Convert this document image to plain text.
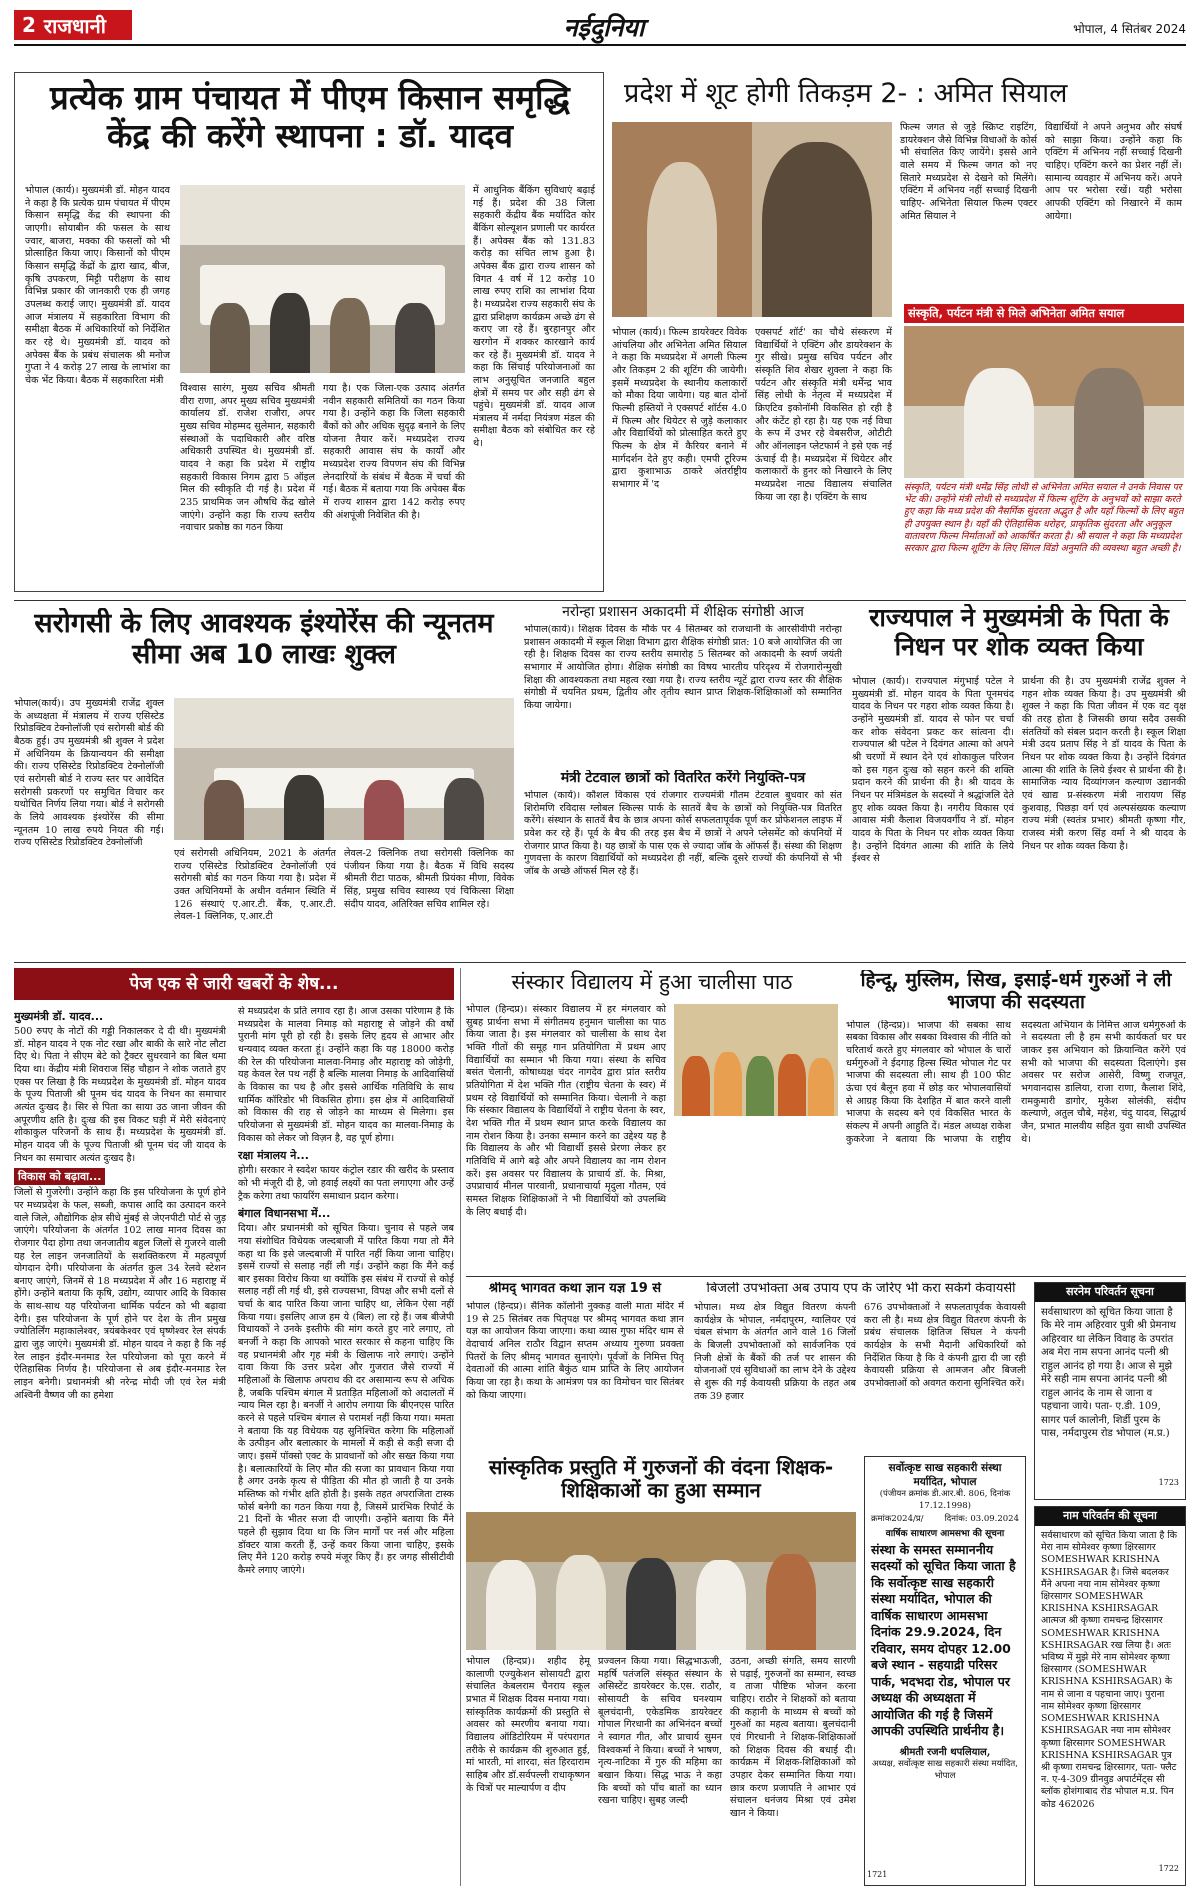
2 राजधानी	नईदुनिया	भोपाल, 4 सितंबर 2024
प्रत्येक ग्राम पंचायत में पीएम किसान समृद्धि केंद्र की करेंगे स्थापना : डॉ. यादव
भोपाल (कार्य)। मुख्यमंत्री डॉ. मोहन यादव ने कहा है कि प्रत्येक ग्राम पंचायत में पीएम किसान समृद्धि केंद्र की स्थापना की जाएगी। सोयाबीन की फसल के साथ ज्वार, बाजरा, मक्का की फसलों को भी प्रोत्साहित किया जाए। किसानों को पीएम किसान समृद्धि केंद्रों के द्वारा खाद, बीज, कृषि उपकरण, मिट्टी परीक्षण के साथ विभिन्न प्रकार की जानकारी एक ही जगह उपलब्ध कराई जाए। मुख्यमंत्री डॉ. यादव आज मंत्रालय में सहकारिता विभाग की समीक्षा बैठक में अधिकारियों को निर्देशित कर रहे थे। मुख्यमंत्री डॉ. यादव को अपेक्स बैंक के प्रबंध संचालक श्री मनोज गुप्ता ने 4 करोड़ 27 लाख के लाभांश का चेक भेंट किया। बैठक में सहकारिता मंत्री
विश्वास सारंग, मुख्य सचिव श्रीमती वीरा राणा, अपर मुख्य सचिव मुख्यमंत्री कार्यालय डॉ. राजेश राजौरा, अपर मुख्य सचिव मोहम्मद सुलेमान, सहकारी संस्थाओं के पदाधिकारी और वरिष्ठ अधिकारी उपस्थित थे। मुख्यमंत्री डॉ. यादव ने कहा कि प्रदेश में राष्ट्रीय सहकारी विकास निगम द्वारा 5 ऑइल मिल की स्वीकृति दी गई है। प्रदेश में 235 प्राथमिक जन औषधि केंद्र खोले जाएंगे। उन्होंने कहा कि राज्य स्तरीय नवाचार प्रकोष्ठ का गठन किया
गया है। एक जिला-एक उत्पाद अंतर्गत नवीन सहकारी समितियों का गठन किया गया है। उन्होंने कहा कि जिला सहकारी बैंकों को और अधिक सुदृढ़ बनाने के लिए योजना तैयार करें। मध्यप्रदेश राज्य सहकारी आवास संघ के कार्यों और मध्यप्रदेश राज्य विपणन संघ की विभिन्न लेनदारियों के संबंध में बैठक में चर्चा की गई। बैठक में बताया गया कि अपेक्स बैंक में राज्य शासन द्वारा 142 करोड़ रुपए की अंशपूंजी निवेशित की है।
में आधुनिक बैंकिंग सुविधाएं बढ़ाई गई हैं। प्रदेश की 38 जिला सहकारी केंद्रीय बैंक मर्यादित कोर बैंकिंग सोल्यूशन प्रणाली पर कार्यरत हैं। अपेक्स बैंक को 131.83 करोड़ का संचित लाभ हुआ है। अपेक्स बैंक द्वारा राज्य शासन को विगत 4 वर्ष में 12 करोड़ 10 लाख रुपए राशि का लाभांश दिया है। मध्यप्रदेश राज्य सहकारी संघ के द्वारा प्रशिक्षण कार्यक्रम अच्छे ढंग से कराए जा रहे हैं। बुरहानपुर और खरगोन में शक्कर कारखाने कार्य कर रहे हैं। मुख्यमंत्री डॉ. यादव ने कहा कि सिंचाई परियोजनाओं का लाभ अनुसूचित जनजाति बहुल क्षेत्रों में समय पर और सही ढंग से पहुंचे। मुख्यमंत्री डॉ. यादव आज मंत्रालय में नर्मदा नियंत्रण मंडल की समीक्षा बैठक को संबोधित कर रहे थे।
प्रदेश में शूट होगी तिकड़म 2- : अमित सियाल
भोपाल (कार्य)। फिल्म डायरेक्टर विवेक आंचलिया और अभिनेता अमित सियाल ने कहा कि मध्यप्रदेश में अगली फिल्म और तिकड़म 2 की शूटिंग की जायेगी। इसमें मध्यप्रदेश के स्थानीय कलाकारों को मौका दिया जायेगा। यह बात दोनों फिल्मी हस्तियों ने एक्सपर्ट शॉर्टस 4.0 में फिल्म और थियेटर से जुड़े कलाकार और विद्यार्थियों को प्रोत्साहित करते हुए फिल्म के क्षेत्र में कैरियर बनाने में मार्गदर्शन देते हुए कही। एमपी टूरिज्म द्वारा कुशाभाऊ ठाकरे अंतर्राष्ट्रीय सभागार में 'द
एक्सपर्ट शॉर्ट' का चौथे संस्करण में विद्यार्थियों ने एक्टिंग और डायरेक्शन के गुर सीखे। प्रमुख सचिव पर्यटन और संस्कृति शिव शेखर शुक्ला ने कहा कि पर्यटन और संस्कृति मंत्री धर्मेन्द्र भाव सिंह लोधी के नेतृत्व में मध्यप्रदेश में क्रिएटिव इकोनॉमी विकसित हो रही है और कंटेंट हो रहा है। यह एक नई विधा के रूप में उभर रहे वेबसरीज, ओटीटी और ऑनलाइन प्लेटफार्म ने इसे एक नई ऊंचाई दी है। मध्यप्रदेश में थियेटर और कलाकारों के हुनर को निखारने के लिए मध्यप्रदेश नाट्य विद्यालय संचालित किया जा रहा है। एक्टिंग के साथ
फिल्म जगत से जुड़े स्क्रिप्ट राइटिंग, डायरेक्शन जैसे विभिन्न विधाओं के कोर्स भी संचालित किए जायेंगे। इससे आने वाले समय में फिल्म जगत को नए सितारे मध्यप्रदेश से देखने को मिलेंगे। एक्टिंग में अभिनय नहीं सच्चाई दिखनी चाहिए- अभिनेता सियाल फिल्म एक्टर अमित सियाल ने
विद्यार्थियों ने अपने अनुभव और संघर्ष को साझा किया। उन्होंने कहा कि एक्टिंग में अभिनय नहीं सच्चाई दिखनी चाहिए। एक्टिंग करने का प्रेशर नहीं लें। सामान्य व्यवहार में अभिनय करें। अपने आप पर भरोसा रखें। यही भरोसा आपकी एक्टिंग को निखारने में काम आयेगा।
संस्कृति, पर्यटन मंत्री से मिले अभिनेता अमित सयाल
संस्कृति, पर्यटन मंत्री धर्मेंद्र सिंह लोधी से अभिनेता अमित सयाल ने उनके निवास पर भेंट की। उन्होंने मंत्री लोधी से मध्यप्रदेश में फिल्म शूटिंग के अनुभवों को साझा करते हुए कहा कि मध्य प्रदेश की नैसर्गिक सुंदरता अद्भुत है और यहाँ फिल्मों के लिए बहुत ही उपयुक्त स्थान है। यहाँ की ऐतिहासिक धरोहर, प्राकृतिक सुंदरता और अनुकूल वातावरण फिल्म निर्माताओं को आकर्षित करता है। श्री सयाल ने कहा कि मध्यप्रदेश सरकार द्वारा फिल्म शूटिंग के लिए सिंगल विंडो अनुमति की व्यवस्था बहुत अच्छी है।
सरोगसी के लिए आवश्यक इंश्योरेंस की न्यूनतम सीमा अब 10 लाखः शुक्ल
भोपाल(कार्य)। उप मुख्यमंत्री राजेंद्र शुक्ल के अध्यक्षता में मंत्रालय में राज्य एसिस्टेड रिप्रोडक्टिव टेक्नोलॉजी एवं सरोगसी बोर्ड की बैठक हुई। उप मुख्यमंत्री श्री शुक्ल ने प्रदेश में अधिनियम के क्रियान्वयन की समीक्षा की। राज्य एसिस्टेड रिप्रोडक्टिव टेक्नोलॉजी एवं सरोगसी बोर्ड ने राज्य स्तर पर आवेदित सरोगसी प्रकरणों पर समुचित विचार कर यथोचित निर्णय लिया गया। बोर्ड ने सरोगसी के लिये आवश्यक इंश्योरेंस की सीमा न्यूनतम 10 लाख रुपये नियत की गई। राज्य एसिस्टेड रिप्रोडक्टिव टेक्नोलॉजी
एवं सरोगसी अधिनियम, 2021 के अंतर्गत राज्य एसिस्टेड रिप्रोडक्टिव टेक्नोलॉजी एवं सरोगसी बोर्ड का गठन किया गया है। प्रदेश में उक्त अधिनियमों के अधीन वर्तमान स्थिति में 126 संस्थाएं ए.आर.टी. बैंक, ए.आर.टी. लेवल-1 क्लिनिक, ए.आर.टी
लेवल-2 क्लिनिक तथा सरोगसी क्लिनिक का पंजीयन किया गया है। बैठक में विधि सदस्य श्रीमती रीटा पाठक, श्रीमती प्रियंका मीणा, विवेक सिंह, प्रमुख सचिव स्वास्थ्य एवं चिकित्सा शिक्षा संदीप यादव, अतिरिक्त सचिव शामिल रहे।
नरोन्हा प्रशासन अकादमी में शैक्षिक संगोष्ठी आज
भोपाल(कार्य)। शिक्षक दिवस के मौके पर 4 सितम्बर को राजधानी के आरसीवीपी नरोन्हा प्रशासन अकादमी में स्कूल शिक्षा विभाग द्वारा शैक्षिक संगोष्ठी प्रात: 10 बजे आयोजित की जा रही है। शिक्षक दिवस का राज्य स्तरीय समारोह 5 सितम्बर को अकादमी के स्वर्ण जयंती सभागार में आयोजित होगा। शैक्षिक संगोष्ठी का विषय भारतीय परिदृश्य में रोजगारोन्मुखी शिक्षा की आवश्यकता तथा महत्व रखा गया है। राज्य स्तरीय न्यूटें द्वारा राज्य स्तर की शैक्षिक संगोष्ठी में चयनित प्रथम, द्वितीय और तृतीय स्थान प्राप्त शिक्षक-शिक्षिकाओं को सम्मानित किया जायेगा।
मंत्री टेटवाल छात्रों को वितरित करेंगे नियुक्ति-पत्र
भोपाल (कार्य)। कौशल विकास एवं रोजगार राज्यमंत्री गौतम टेटवाल बुधवार को संत शिरोमणि रविदास ग्लोबल स्किल्स पार्क के सातवें बैच के छात्रों को नियुक्ति-पत्र वितरित करेंगे। संस्थान के सातवें बैच के छात्र अपना कोर्स सफलतापूर्वक पूर्ण कर प्रोफेशनल लाइफ में प्रवेश कर रहे हैं। पूर्व के बैच की तरह इस बैच में छात्रों ने अपने प्लेसमेंट को कंपनियों में रोजगार प्राप्त किया है। यह छात्रों के पास एक से ज्यादा जॉब के ऑफर्स हैं। संस्था की शिक्षण गुणवत्ता के कारण विद्यार्थियों को मध्यप्रदेश ही नहीं, बल्कि दूसरे राज्यों की कंपनियों से भी जॉब के अच्छे ऑफर्स मिल रहे हैं।
राज्यपाल ने मुख्यमंत्री के पिता के निधन पर शोक व्यक्त किया
भोपाल (कार्य)। राज्यपाल मंगुभाई पटेल ने मुख्यमंत्री डॉ. मोहन यादव के पिता पूनमचंद यादव के निधन पर गहरा शोक व्यक्त किया है। उन्होंने मुख्यमंत्री डॉ. यादव से फोन पर चर्चा कर शोक संवेदना प्रकट कर सांत्वना दी। राज्यपाल श्री पटेल ने दिवंगत आत्मा को अपने श्री चरणों में स्थान देने एवं शोकाकुल परिजन को इस गहन दुःख को सहन करने की शक्ति प्रदान करने की प्रार्थना की है। श्री यादव के निधन पर मंत्रिमंडल के सदस्यों ने श्रद्धांजलि देते हुए शोक व्यक्त किया है। नगरीय विकास एवं आवास मंत्री कैलाश विजयवर्गीय ने डॉ. मोहन यादव के पिता के निधन पर शोक व्यक्त किया है। उन्होंने दिवंगत आत्मा की शांति के लिये ईश्वर से
प्रार्थना की है। उप मुख्यमंत्री राजेंद्र शुक्ल ने गहन शोक व्यक्त किया है। उप मुख्यमंत्री श्री शुक्ल ने कहा कि पिता जीवन में एक वट वृक्ष की तरह होता है जिसकी छाया सदैव उसकी संततियों को संबल प्रदान करती है। स्कूल शिक्षा मंत्री उदय प्रताप सिंह ने डॉ यादव के पिता के निधन पर शोक व्यक्त किया है। उन्होंने दिवंगत आत्मा की शांति के लिये ईश्वर से प्रार्थना की है। सामाजिक न्याय दिव्यांगजन कल्याण उद्यानकी एवं खाद्य प्र-संस्करण मंत्री नारायण सिंह कुशवाह, पिछड़ा वर्ग एवं अल्पसंख्यक कल्याण राज्य मंत्री (स्वतंत्र प्रभार) श्रीमती कृष्णा गौर, राजस्व मंत्री करण सिंह वर्मा ने श्री यादव के निधन पर शोक व्यक्त किया है।
पेज एक से जारी खबरों के शेष...
मुख्यमंत्री डॉ. यादव...
500 रुपए के नोटों की गड्डी निकालकर दे दी थी। मुख्यमंत्री डॉ. मोहन यादव ने एक नोट रखा और बाकी के सारे नोट लौटा दिए थे। पिता ने सीएम बेटे को ट्रैक्टर सुधरवाने का बिल थमा दिया था। केंद्रीय मंत्री शिवराज सिंह चौहान ने शोक जताते हुए एक्स पर लिखा है कि मध्यप्रदेश के मुख्यमंत्री डॉ. मोहन यादव के पूज्य पिताजी श्री पूनम चंद यादव के निधन का समाचार अत्यंत दुःखद है। सिर से पिता का साया उठ जाना जीवन की अपूरणीय क्षति है। दुःख की इस विकट घड़ी में मेरी संवेदनाएं शोकाकुल परिजनों के साथ हैं। मध्यप्रदेश के मुख्यमंत्री डॉ. मोहन यादव जी के पूज्य पिताजी श्री पूनम चंद जी यादव के निधन का समाचार अत्यंत दुःखद है।
विकास को बढ़ावा...
जिलों से गुजरेगी। उन्होंने कहा कि इस परियोजना के पूर्ण होने पर मध्यप्रदेश के फल, सब्जी, कपास आदि का उत्पादन करने वाले जिले, औद्योगिक क्षेत्र सीधे मुंबई से जेएनपीटी पोर्ट से जुड़ जाएंगे। परियोजना के अंतर्गत 102 लाख मानव दिवस का रोजगार पैदा होगा तथा जनजातीय बहुल जिलों से गुजरने वाली यह रेल लाइन जनजातियों के सशक्तिकरण में महत्वपूर्ण योगदान देगी। परियोजना के अंतर्गत कुल 34 रेलवे स्टेशन बनाए जाएंगे, जिनमें से 18 मध्यप्रदेश में और 16 महाराष्ट्र में होंगे। उन्होंने बताया कि कृषि, उद्योग, व्यापार आदि के विकास के साथ-साथ यह परियोजना धार्मिक पर्यटन को भी बढ़ावा देगी। इस परियोजना के पूर्ण होने पर देश के तीन प्रमुख ज्योतिर्लिंग महाकालेश्वर, त्रयंबकेश्वर एवं घृष्णेश्वर रेल संपर्क द्वारा जुड़ जाएंगे। मुख्यमंत्री डॉ. मोहन यादव ने कहा है कि नई रेल लाइन इंदौर-मनमाड रेल परियोजना को पूरा करने में ऐतिहासिक निर्णय है। परियोजना से अब इंदौर-मनमाड रेल लाइन बनेगी। प्रधानमंत्री श्री नरेन्द्र मोदी जी एवं रेल मंत्री अश्विनी वैष्णव जी का हमेशा
से मध्यप्रदेश के प्रति लगाव रहा है। आज उसका परिणाम है कि मध्यप्रदेश के मालवा निमाड़ को महाराष्ट्र से जोड़ने की वर्षों पुरानी मांग पूरी हो रही है। इसके लिए हृदय से आभार और धन्यवाद व्यक्त करता हूं। उन्होंने कहा कि यह 18000 करोड़ की रेल की परियोजना मालवा-निमाड़ और महाराष्ट्र को जोड़ेगी, यह केवल रेल पथ नहीं है बल्कि मालवा निमाड़ के आदिवासियों के विकास का पथ है और इससे आर्थिक गतिविधि के साथ धार्मिक कॉरिडोर भी विकसित होगा। इस क्षेत्र में आदिवासियों को विकास की राह से जोड़ने का माध्यम से मिलेगा। इस परियोजना से मुख्यमंत्री डॉ. मोहन यादव का मालवा-निमाड़ के विकास को लेकर जो विज़न है, वह पूर्ण होगा।
रक्षा मंत्रालय ने...
होगी। सरकार ने स्वदेश फायर कंट्रोल रडार की खरीद के प्रस्ताव को भी मंजूरी दी है, जो हवाई लक्ष्यों का पता लगाएगा और उन्हें ट्रैक करेगा तथा फायरिंग समाधान प्रदान करेगा।
बंगाल विधानसभा में...
दिया। और प्रधानमंत्री को सूचित किया। चुनाव से पहले जब नया संशोधित विधेयक जल्दबाजी में पारित किया गया तो मैंने कहा था कि इसे जल्दबाजी में पारित नहीं किया जाना चाहिए। इसमें राज्यों से सलाह नहीं ली गई। उन्होंने कहा कि मैंने कई बार इसका विरोध किया था क्योंकि इस संबंध में राज्यों से कोई सलाह नहीं ली गई थी, इसे राज्यसभा, विपक्ष और सभी दलों से चर्चा के बाद पारित किया जाना चाहिए था, लेकिन ऐसा नहीं किया गया। इसलिए आज हम ये (बिल) ला रहे हैं। जब बीजेपी विधायकों ने उनके इस्तीफे की मांग करते हुए नारे लगाए, तो बनर्जी ने कहा कि आपको भारत सरकार से कहना चाहिए कि वह प्रधानमंत्री और गृह मंत्री के खिलाफ नारे लगाएं। उन्होंने दावा किया कि उत्तर प्रदेश और गुजरात जैसे राज्यों में महिलाओं के खिलाफ अपराध की दर असामान्य रूप से अधिक है, जबकि पश्चिम बंगाल में प्रताड़ित महिलाओं को अदालतों में न्याय मिल रहा है। बनर्जी ने आरोप लगाया कि बीएनएस पारित करने से पहले पश्चिम बंगाल से परामर्श नहीं किया गया। ममता ने बताया कि यह विधेयक यह सुनिश्चित करेगा कि महिलाओं के उत्पीड़न और बलात्कार के मामलों में कड़ी से कड़ी सजा दी जाए। इसमें पॉक्सो एक्ट के प्रावधानों को और सख्त किया गया है। बलात्कारियों के लिए मौत की सजा का प्रावधान किया गया है अगर उनके कृत्य से पीड़िता की मौत हो जाती है या उनके मस्तिष्क को गंभीर क्षति होती है। इसके तहत अपराजिता टास्क फोर्स बनेगी का गठन किया गया है, जिसमें प्रारंभिक रिपोर्ट के 21 दिनों के भीतर सजा दी जाएगी। उन्होंने बताया कि मैंने पहले ही सुझाव दिया था कि जिन मार्गों पर नर्स और महिला डॉक्टर यात्रा करती हैं, उन्हें कवर किया जाना चाहिए, इसके लिए मैंने 120 करोड़ रुपये मंजूर किए हैं। हर जगह सीसीटीवी कैमरे लगाए जाएंगे।
संस्कार विद्यालय में हुआ चालीसा पाठ
भोपाल (हिन्दप्र)। संस्कार विद्यालय में हर मंगलवार को सुबह प्रार्थना सभा में संगीतमय हनुमान चालीसा का पाठ किया जाता है। इस मंगलवार को चालीसा के साथ देश भक्ति गीतों की समूह गान प्रतियोगिता में प्रथम आए विद्यार्थियों का सम्मान भी किया गया। संस्था के सचिव बसंत चेलानी, कोषाध्यक्ष चंदर नागदेव द्वारा प्रांत स्तरीय प्रतियोगिता में देश भक्ति गीत (राष्ट्रीय चेतना के स्वर) में प्रथम रहे विद्यार्थियों को सम्मानित किया। चेलानी ने कहा कि संस्कार विद्यालय के विद्यार्थियों ने राष्ट्रीय चेतना के स्वर, देश भक्ति गीत में प्रथम स्थान प्राप्त करके विद्यालय का नाम रोशन किया है। उनका सम्मान करने का उद्देश्य यह है कि विद्यालय के और भी विद्यार्थी इससे प्रेरणा लेकर हर गतिविधि में आगे बढ़े और अपने विद्यालय का नाम रोशन करें। इस अवसर पर विद्यालय के प्राचार्य डॉ. के. मिश्रा, उपप्राचार्य मीनल पारवानी, प्रधानाचार्या मृदुला गौतम, एवं समस्त शिक्षक शिक्षिकाओं ने भी विद्यार्थियों को उपलब्धि के लिए बधाई दी।
हिन्दू, मुस्लिम, सिख, इसाई-धर्म गुरुओं ने ली भाजपा की सदस्यता
भोपाल (हिन्दप्र)। भाजपा की सबका साथ सबका विकास और सबका विश्वास की नीति को चरितार्थ करते हुए मंगलवार को भोपाल के चारों धर्मगुरुओं ने ईदगाह हिल्स स्थित भोपाल गेट पर भाजपा की सदस्यता ली। साथ ही 100 फीट ऊंचा एवं बैलून हवा में छोड़ कर भोपालवासियों से आग्रह किया कि देशहित में बात करने वाली भाजपा के सदस्य बने एवं विकसित भारत के संकल्प में अपनी आहुति दें। मंडल अध्यक्ष राकेश कुकरेजा ने बताया कि भाजपा के राष्ट्रीय सदस्यता अभियान के निमित्त आज धर्मगुरुओं के ने सदस्यता ली है हम सभी कार्यकर्ता घर घर जाकर इस अभियान को क्रियान्वित करेंगे एवं सभी को भाजपा की सदस्यता दिलाएंगे। इस अवसर पर सरोज आसेरी, विष्णु राजपूत, भगवानदास डालिया, राजा राणा, कैलाश शिंदे, रामकुमारी डागोर, मुकेश सोलंकी, संदीप कल्याणे, अतुल चौबे, महेश, चंदु यादव, सिद्धार्थ जैन, प्रभात मालवीय सहित युवा साथी उपस्थित थे।
श्रीमद् भागवत कथा ज्ञान यज्ञ 19 से
भोपाल (हिन्दप्र)। सैनिक कॉलोनी नुक्कड़ वाली माता मंदिर में 19 से 25 सितंबर तक पितृपक्ष पर श्रीमद् भागवत कथा ज्ञान यज्ञ का आयोजन किया जाएगा। कथा व्यास गुफा मंदिर धाम से वेदाचार्य अनिल राठौर विद्वान सप्तम अध्याय गुरुणा प्रवक्ता पितरों के लिए श्रीमद् भागवत सुनाएंगे। पूर्वजों के निमित्त पितृ देवताओं की आत्मा शांति बैकुंठ धाम प्राप्ति के लिए आयोजन किया जा रहा है। कथा के आमंत्रण पत्र का विमोचन चार सितंबर को किया जाएगा।
बिजली उपभोक्ता अब उपाय एप के जरिए भी करा सकेंगे केवायसी
भोपाल। मध्य क्षेत्र विद्युत वितरण कंपनी कार्यक्षेत्र के भोपाल, नर्मदापुरम, ग्वालियर एवं चंबल संभाग के अंतर्गत आने वाले 16 जिलों के बिजली उपभोक्ताओं को सार्वजनिक एवं निजी क्षेत्रों के बैंकों की तर्ज पर शासन की योजनाओं एवं सुविधाओं का लाभ देने के उद्देश्य से शुरू की गई केवायसी प्रक्रिया के तहत अब तक 39 हजार
676 उपभोक्ताओं ने सफलतापूर्वक केवायसी करा ली है। मध्य क्षेत्र विद्युत वितरण कंपनी के प्रबंध संचालक क्षितिज सिंघल ने कंपनी कार्यक्षेत्र के सभी मैदानी अधिकारियों को निर्देशित किया है कि वे कंपनी द्वारा दी जा रही केवायसी प्रक्रिया से आमजन और बिजली उपभोक्ताओं को अवगत कराना सुनिश्चित करें।
सरनेम परिवर्तन सूचना
सर्वसाधारण को सूचित किया जाता है कि मेरे नाम अहिरवार पुत्री श्री प्रेमनाथ अहिरवार था लेकिन विवाह के उपरांत अब मेरा नाम सपना आनंद पत्नी श्री राहुल आनंद हो गया है। आज से मुझे मेरे सही नाम सपना आनंद पत्नी श्री राहुल आनंद के नाम से जाना व पहचाना जाये। पता- ए.डी. 109, सागर पर्ल कालोनी, शिर्डी पुरम के पास, नर्मदापुरम रोड भोपाल (म.प्र.)
1723
सांस्कृतिक प्रस्तुति में गुरुजनों की वंदना शिक्षक-शिक्षिकाओं का हुआ सम्मान
भोपाल (हिन्दप्र)। शहीद हेमू कालाणी एज्युकेशन सोसायटी द्वारा संचालित केबलराम चैनराय स्कूल प्रभात में शिक्षक दिवस मनाया गया। सांस्कृतिक कार्यक्रमों की प्रस्तुति से अवसर को स्मरणीय बनाया गया। विद्यालय ऑडिटोरियम में परंपरागत तरीके से कार्यक्रम की शुरुआत हुई, मां भारती, मां शारदा, संत हिरदाराम साहिब और डॉ.सर्वपल्ली राधाकृष्णन के चित्रों पर माल्यार्पण व दीप
प्रज्वलन किया गया। सिद्धभाऊजी, महर्षि पतंजलि संस्कृत संस्थान के असिस्टेंट डायरेक्टर के.एस. राठौर, सोसायटी के सचिव घनश्याम बूलचंदानी, एकेडमिक डायरेक्टर गोपाल गिरधानी का अभिनंदन बच्चों ने स्वागत गीत, और प्राचार्य सुमन विश्वकर्मा ने किया। बच्चों ने भाषण, नृत्य-नाटिका में गुरु की महिमा का बखान किया। सिद्ध भाऊ ने कहा कि बच्चों को पाँच बातों का ध्यान रखना चाहिए। सुबह जल्दी
उठना, अच्छी संगति, समय सारणी से पढ़ाई, गुरुजनों का सम्मान, स्वच्छ व ताजा पौष्टिक भोजन करना चाहिए। राठौर ने शिक्षकों को बताया की कहानी के माध्यम से बच्चों को गुरुओं का महत्व बताया। बुलचंदानी एवं गिरधानी ने शिक्षक-शिक्षिकाओं को शिक्षक दिवस की बधाई दी। कार्यक्रम में शिक्षक-शिक्षिकाओं को उपहार देकर सम्मानित किया गया। छात्र करण प्रजापति ने आभार एवं संचालन धनंजय मिश्रा एवं उमेश खान ने किया।
सर्वोत्कृष्ट साख सहकारी संस्था मर्यादित, भोपाल
(पंजीयन क्रमांक डी.आर.बी. 806, दिनांक 17.12.1998)
क्रमांक2024/प्र/ दिनांक: 03.09.2024
वार्षिक साधारण आमसभा की सूचना
संस्था के समस्त सम्माननीय सदस्यों को सूचित किया जाता है कि सर्वोत्कृष्ट साख सहकारी संस्था मर्यादित, भोपाल की वार्षिक साधारण आमसभा दिनांक 29.9.2024, दिन रविवार, समय दोपहर 12.00 बजे स्थान - सहयाद्री परिसर पार्क, भदभदा रोड, भोपाल पर अध्यक्ष की अध्यक्षता में आयोजित की गई है जिसमें आपकी उपस्थिति प्रार्थनीय है।
श्रीमती रजनी थपलियाल,
अध्यक्ष, सर्वोत्कृष्ट साख सहकारी संस्था मर्यादित, भोपाल
1721
नाम परिवर्तन की सूचना
सर्वसाधारण को सूचित किया जाता है कि मेरा नाम सोमेश्वर कृष्णा क्षिरसागर SOMESHWAR KRISHNA KSHIRSAGAR है। जिसे बदलकर मैंने अपना नया नाम सोमेश्वर कृष्णा क्षिरसागर SOMESHWAR KRISHNA KSHIRSAGAR आत्मज श्री कृष्णा रामचन्द्र क्षिरसागर SOMESHWAR KRISHNA KSHIRSAGAR रख लिया है। अतः भविष्य में मुझे मेरे नाम सोमेश्वर कृष्णा क्षिरसागर (SOMESHWAR KRISHNA KSHIRSAGAR) के नाम से जाना व पहचाना जाए। पुराना नाम सोमेश्वर कृष्णा क्षिरसागर SOMESHWAR KRISHNA KSHIRSAGAR नया नाम सोमेश्वर कृष्णा क्षिरसागर SOMESHWAR KRISHNA KSHIRSAGAR पुत्र श्री कृष्णा रामचन्द्र क्षिरसागर, पता- फ्लैट न. ए-4-309 ग्रीनवुड अपार्टमेंट्स सी ब्लॉक होशंगाबाद रोड भोपाल म.प्र. पिन कोड 462026
1722
